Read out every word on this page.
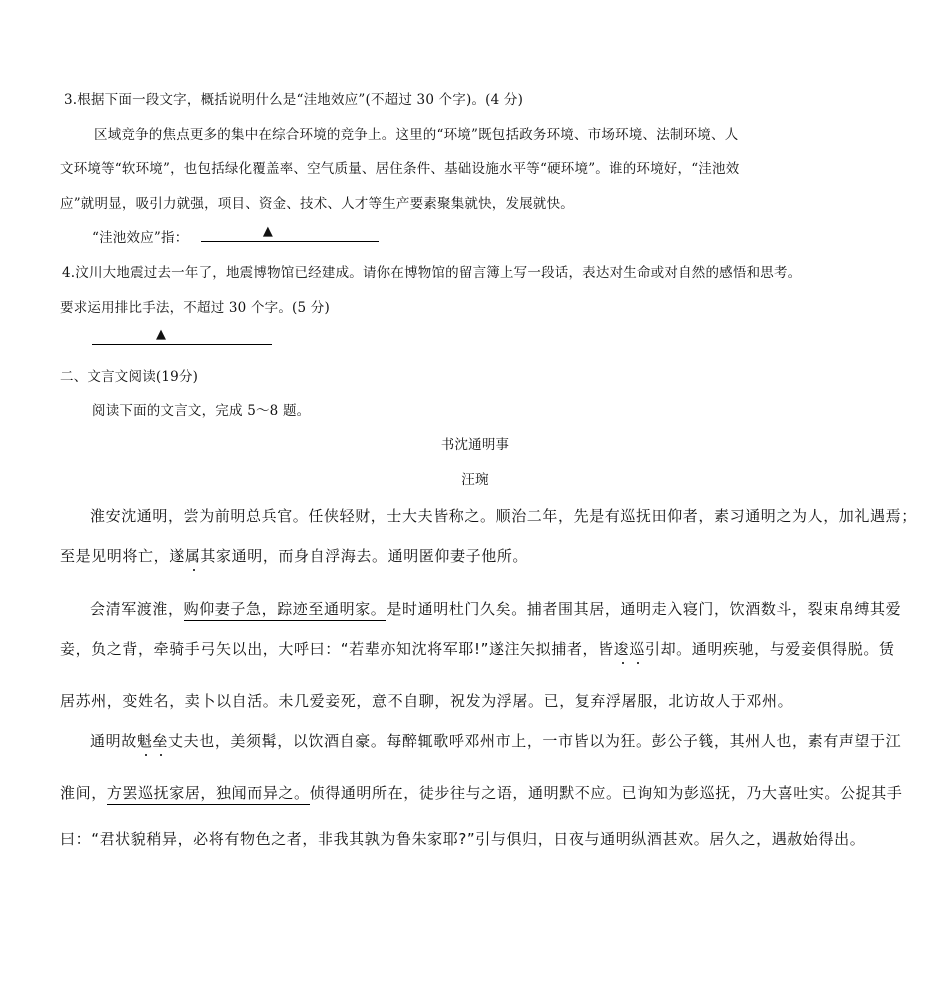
3.根据下面一段文字，概括说明什么是“洼地效应”(不超过 30 个字)。(4 分)
区域竞争的焦点更多的集中在综合环境的竞争上。这里的“环境”既包括政务环境、市场环境、法制环境、人
文环境等“软环境”，也包括绿化覆盖率、空气质量、居住条件、基础设施水平等“硬环境”。谁的环境好，“洼池效
应”就明显，吸引力就强，项目、资金、技术、人才等生产要素聚集就快，发展就快。
“洼池效应”指：	▲
4.汶川大地震过去一年了，地震博物馆已经建成。请你在博物馆的留言簿上写一段话，表达对生命或对自然的感悟和思考。
要求运用排比手法，不超过 30 个字。(5 分)
▲
二、文言文阅读(19分)
阅读下面的文言文，完成 5～8 题。
书沈通明事
汪琬
淮安沈通明，尝为前明总兵官。任侠轻财，士大夫皆称之。顺治二年，先是有巡抚田仰者，素习通明之为人，加礼遇焉；
至是见明将亡，遂属其家通明，而身自浮海去。通明匿仰妻子他所。
会清军渡淮，购仰妻子急，踪迹至通明家。是时通明杜门久矣。捕者围其居，通明走入寝门，饮酒数斗，裂束帛缚其爱
妾，负之背，牵骑手弓矢以出，大呼曰：“若辈亦知沈将军耶!”遂注矢拟捕者，皆逡巡引却。通明疾驰，与爱妾俱得脱。赁
居苏州，变姓名，卖卜以自活。未几爱妾死，意不自聊，祝发为浮屠。已，复弃浮屠服，北访故人于邓州。
通明故魁垒丈夫也，美须髯，以饮酒自豪。每醉辄歌呼邓州市上，一市皆以为狂。彭公子篯，其州人也，素有声望于江
淮间，方罢巡抚家居，独闻而异之。侦得通明所在，徒步往与之语，通明默不应。已询知为彭巡抚，乃大喜吐实。公捉其手
曰：“君状貌稍异，必将有物色之者，非我其孰为鲁朱家耶?”引与俱归，日夜与通明纵酒甚欢。居久之，遇赦始得出。
